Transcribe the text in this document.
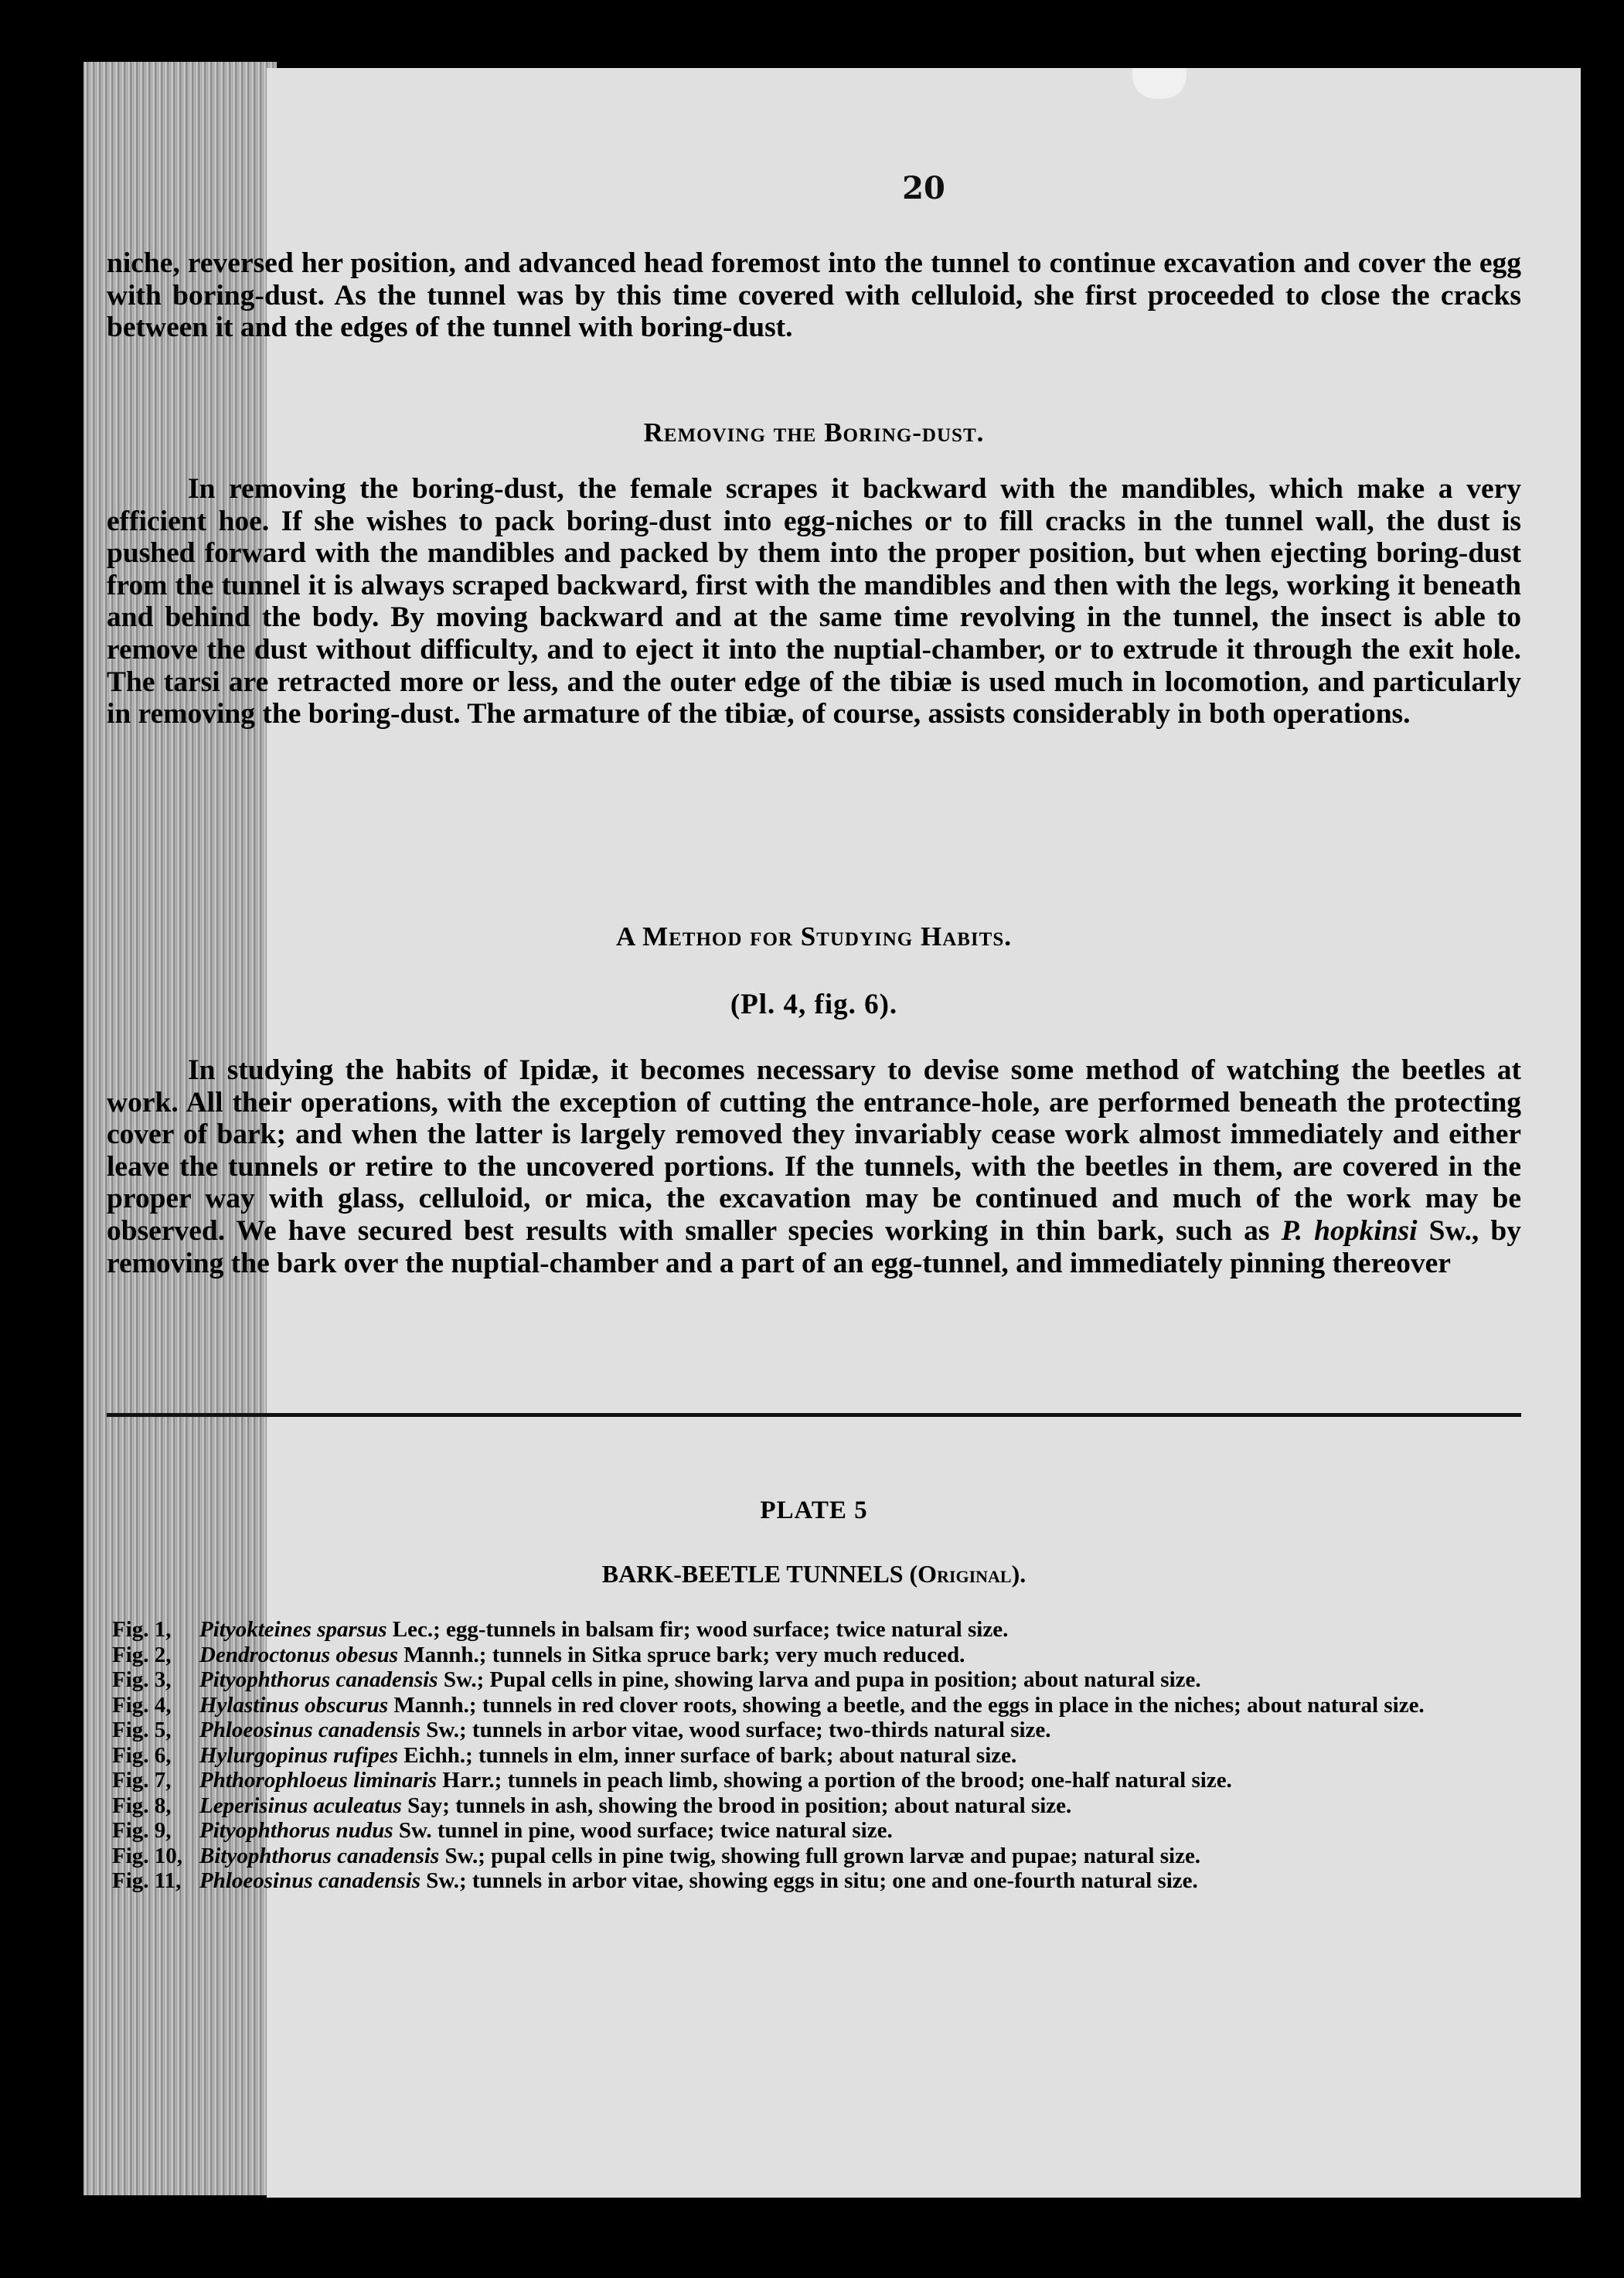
20

niche, reversed her position, and advanced head foremost into the tunnel to continue excavation and cover the egg with boring-dust. As the tunnel was by this time covered with celluloid, she first proceeded to close the cracks between it and the edges of the tunnel with boring-dust.

Removing the Boring-dust.

In removing the boring-dust, the female scrapes it backward with the mandibles, which make a very efficient hoe. If she wishes to pack boring-dust into egg-niches or to fill cracks in the tunnel wall, the dust is pushed forward with the mandibles and packed by them into the proper position, but when ejecting boring-dust from the tunnel it is always scraped backward, first with the mandibles and then with the legs, working it beneath and behind the body. By moving backward and at the same time revolving in the tunnel, the insect is able to remove the dust without difficulty, and to eject it into the nuptial-chamber, or to extrude it through the exit hole. The tarsi are retracted more or less, and the outer edge of the tibiæ is used much in locomotion, and particularly in removing the boring-dust. The armature of the tibiæ, of course, assists considerably in both operations.

A Method for Studying Habits.
(Pl. 4, fig. 6).

In studying the habits of Ipidæ, it becomes necessary to devise some method of watching the beetles at work. All their operations, with the exception of cutting the entrance-hole, are performed beneath the protecting cover of bark; and when the latter is largely removed they invariably cease work almost immediately and either leave the tunnels or retire to the uncovered portions. If the tunnels, with the beetles in them, are covered in the proper way with glass, celluloid, or mica, the excavation may be continued and much of the work may be observed. We have secured best results with smaller species working in thin bark, such as P. hopkinsi Sw., by removing the bark over the nuptial-chamber and a part of an egg-tunnel, and immediately pinning thereover

PLATE 5
BARK-BEETLE TUNNELS (Original).
Fig. 1,	Pityokteines sparsus Lec.; egg-tunnels in balsam fir; wood surface; twice natural size.
Fig. 2,	Dendroctonus obesus Mannh.; tunnels in Sitka spruce bark; very much reduced.
Fig. 3,	Pityophthorus canadensis Sw.; Pupal cells in pine, showing larva and pupa in position; about natural size.
Fig. 4,	Hylastinus obscurus Mannh.; tunnels in red clover roots, showing a beetle, and the eggs in place in the niches; about natural size.
Fig. 5,	Phloeosinus canadensis Sw.; tunnels in arbor vitae, wood surface; two-thirds natural size.
Fig. 6,	Hylurgopinus rufipes Eichh.; tunnels in elm, inner surface of bark; about natural size.
Fig. 7,	Phthorophloeus liminaris Harr.; tunnels in peach limb, showing a portion of the brood; one-half natural size.
Fig. 8,	Leperisinus aculeatus Say; tunnels in ash, showing the brood in position; about natural size.
Fig. 9,	Pityophthorus nudus Sw. tunnel in pine, wood surface; twice natural size.
Fig. 10, Bityophthorus canadensis Sw.; pupal cells in pine twig, showing full grown larvæ and pupae; natural size.
Fig. 11, Phloeosinus canadensis Sw.; tunnels in arbor vitae, showing eggs in situ; one and one-fourth natural size.
